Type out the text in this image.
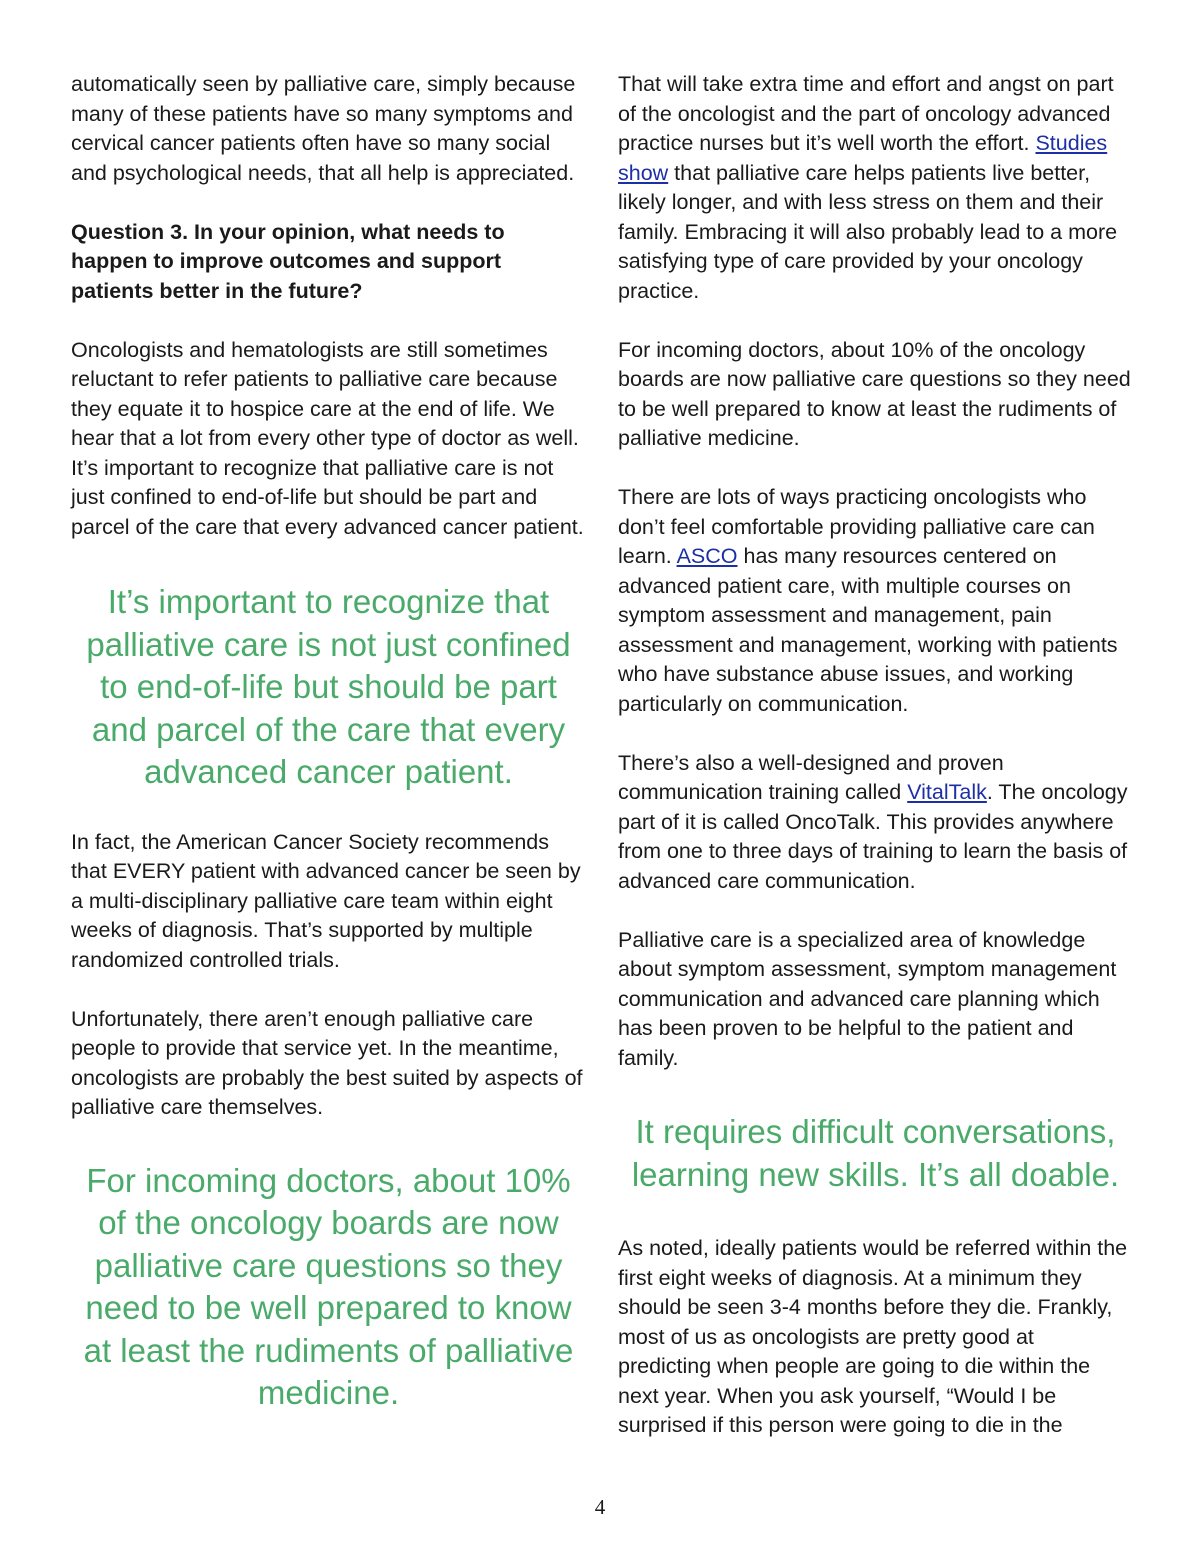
automatically seen by palliative care, simply because many of these patients have so many symptoms and cervical cancer patients often have so many social and psychological needs, that all help is appreciated.

Question 3. In your opinion, what needs to happen to improve outcomes and support patients better in the future?

Oncologists and hematologists are still sometimes reluctant to refer patients to palliative care because they equate it to hospice care at the end of life. We hear that a lot from every other type of doctor as well. It’s important to recognize that palliative care is not just confined to end-of-life but should be part and parcel of the care that every advanced cancer patient.

It’s important to recognize that palliative care is not just confined to end-of-life but should be part and parcel of the care that every advanced cancer patient.

In fact, the American Cancer Society recommends that EVERY patient with advanced cancer be seen by a multi-disciplinary palliative care team within eight weeks of diagnosis. That’s supported by multiple randomized controlled trials.

Unfortunately, there aren’t enough palliative care people to provide that service yet. In the meantime, oncologists are probably the best suited by aspects of palliative care themselves.

For incoming doctors, about 10% of the oncology boards are now palliative care questions so they need to be well prepared to know at least the rudiments of palliative medicine.

That will take extra time and effort and angst on part of the oncologist and the part of oncology advanced practice nurses but it’s well worth the effort. Studies show that palliative care helps patients live better, likely longer, and with less stress on them and their family. Embracing it will also probably lead to a more satisfying type of care provided by your oncology practice.

For incoming doctors, about 10% of the oncology boards are now palliative care questions so they need to be well prepared to know at least the rudiments of palliative medicine.

There are lots of ways practicing oncologists who don’t feel comfortable providing palliative care can learn. ASCO has many resources centered on advanced patient care, with multiple courses on symptom assessment and management, pain assessment and management, working with patients who have substance abuse issues, and working particularly on communication.

There’s also a well-designed and proven communication training called VitalTalk. The oncology part of it is called OncoTalk. This provides anywhere from one to three days of training to learn the basis of advanced care communication.

Palliative care is a specialized area of knowledge about symptom assessment, symptom management communication and advanced care planning which has been proven to be helpful to the patient and family.

It requires difficult conversations, learning new skills. It’s all doable.

As noted, ideally patients would be referred within the first eight weeks of diagnosis. At a minimum they should be seen 3-4 months before they die. Frankly, most of us as oncologists are pretty good at predicting when people are going to die within the next year. When you ask yourself, “Would I be surprised if this person were going to die in the

4
